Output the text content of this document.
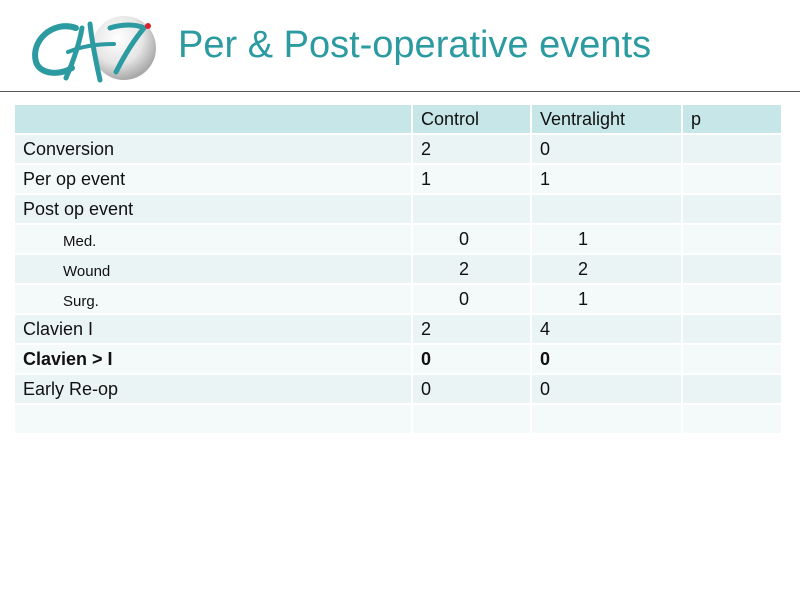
Per & Post-operative events
	Control	Ventralight	p
Conversion	2	0	
Per op event	1	1	
Post op event			
Med.	0	1	
Wound	2	2	
Surg.	0	1	
Clavien I	2	4	
Clavien > I	0	0	
Early Re-op	0	0	
